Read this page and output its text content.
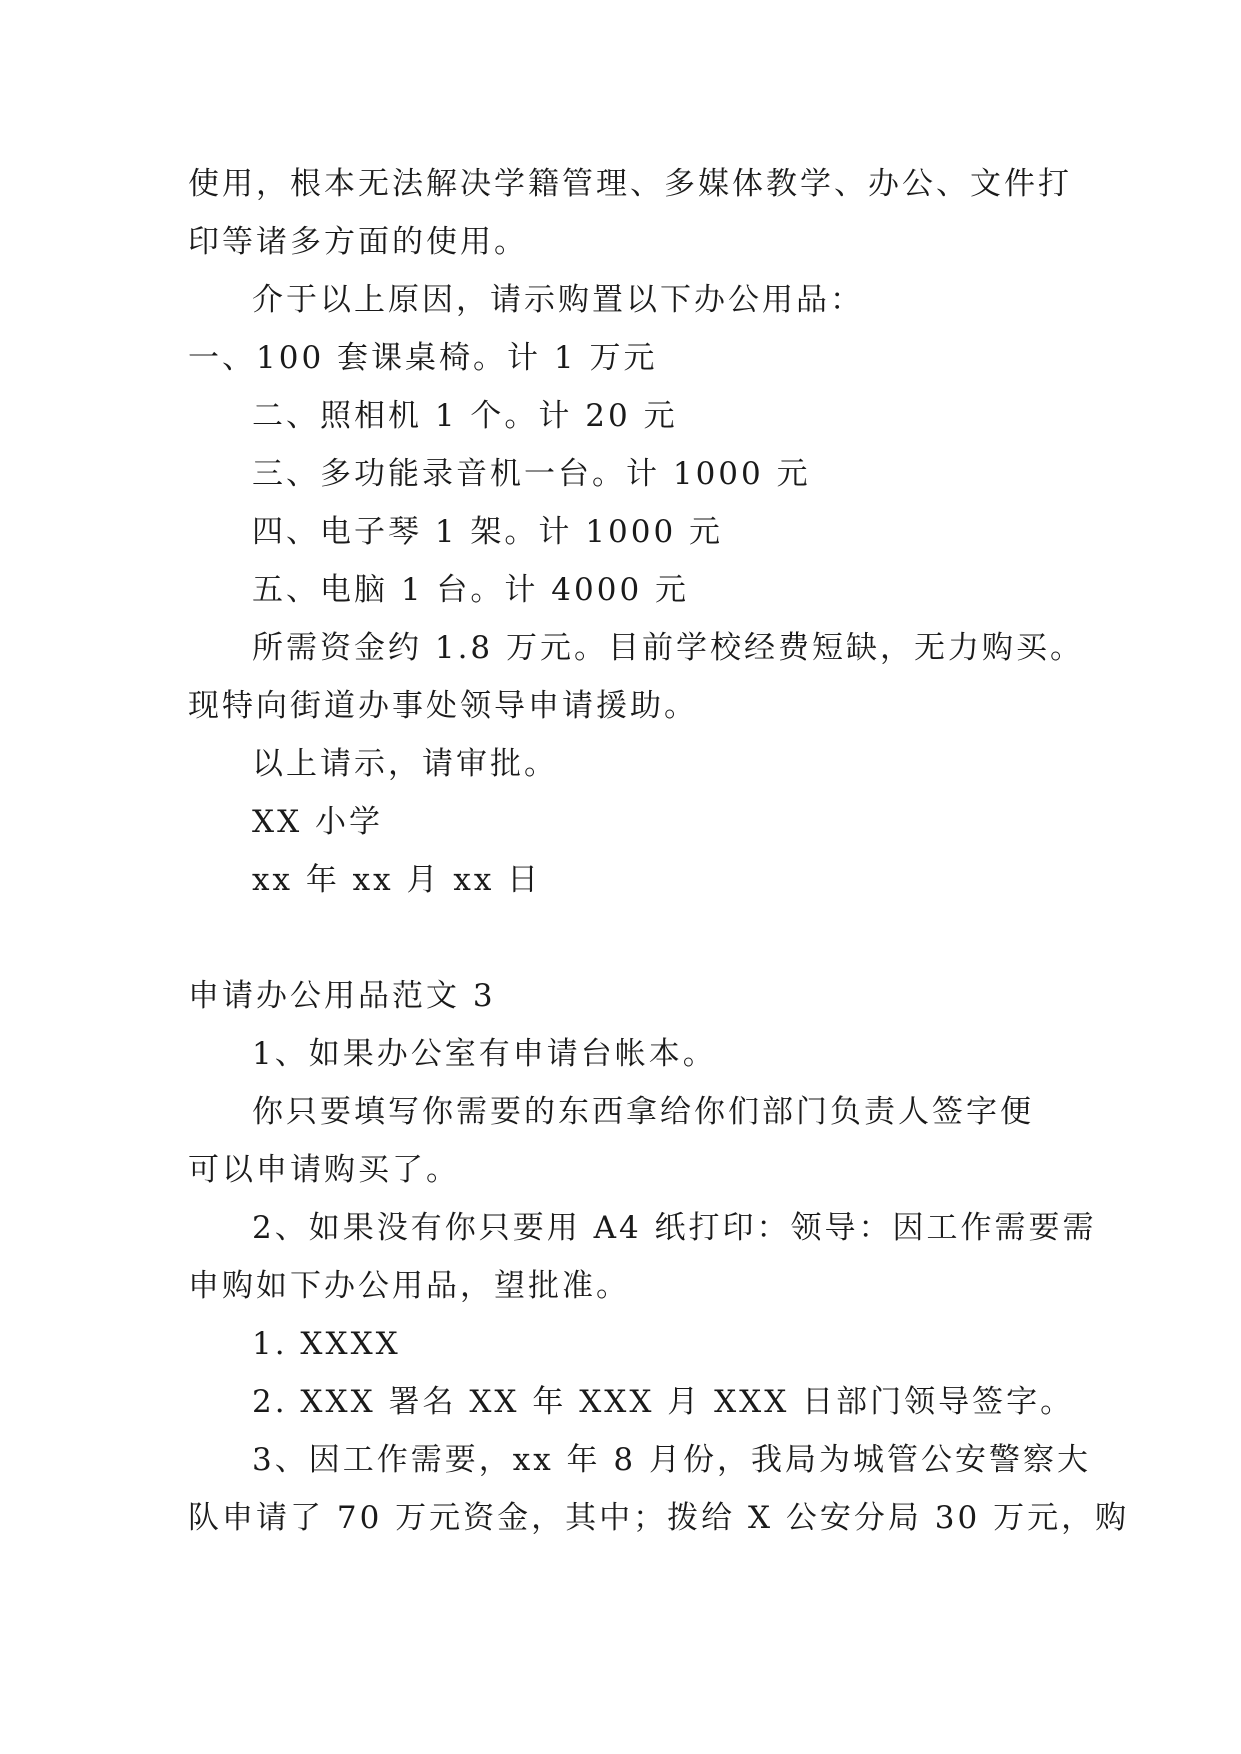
使用，根本无法解决学籍管理、多媒体教学、办公、文件打
印等诸多方面的使用。
介于以上原因，请示购置以下办公用品：
一、100 套课桌椅。计 1 万元
二、照相机 1 个。计 20 元
三、多功能录音机一台。计 1000 元
四、电子琴 1 架。计 1000 元
五、电脑 1 台。计 4000 元
所需资金约 1.8 万元。目前学校经费短缺，无力购买。
现特向街道办事处领导申请援助。
以上请示，请审批。
XX 小学
xx 年 xx 月 xx 日
申请办公用品范文 3
1、如果办公室有申请台帐本。
你只要填写你需要的东西拿给你们部门负责人签字便
可以申请购买了。
2、如果没有你只要用 A4 纸打印：领导：因工作需要需
申购如下办公用品，望批准。
1. XXXX
2. XXX 署名 XX 年 XXX 月 XXX 日部门领导签字。
3、因工作需要，xx 年 8 月份，我局为城管公安警察大
队申请了 70 万元资金，其中；拨给 X 公安分局 30 万元，购
